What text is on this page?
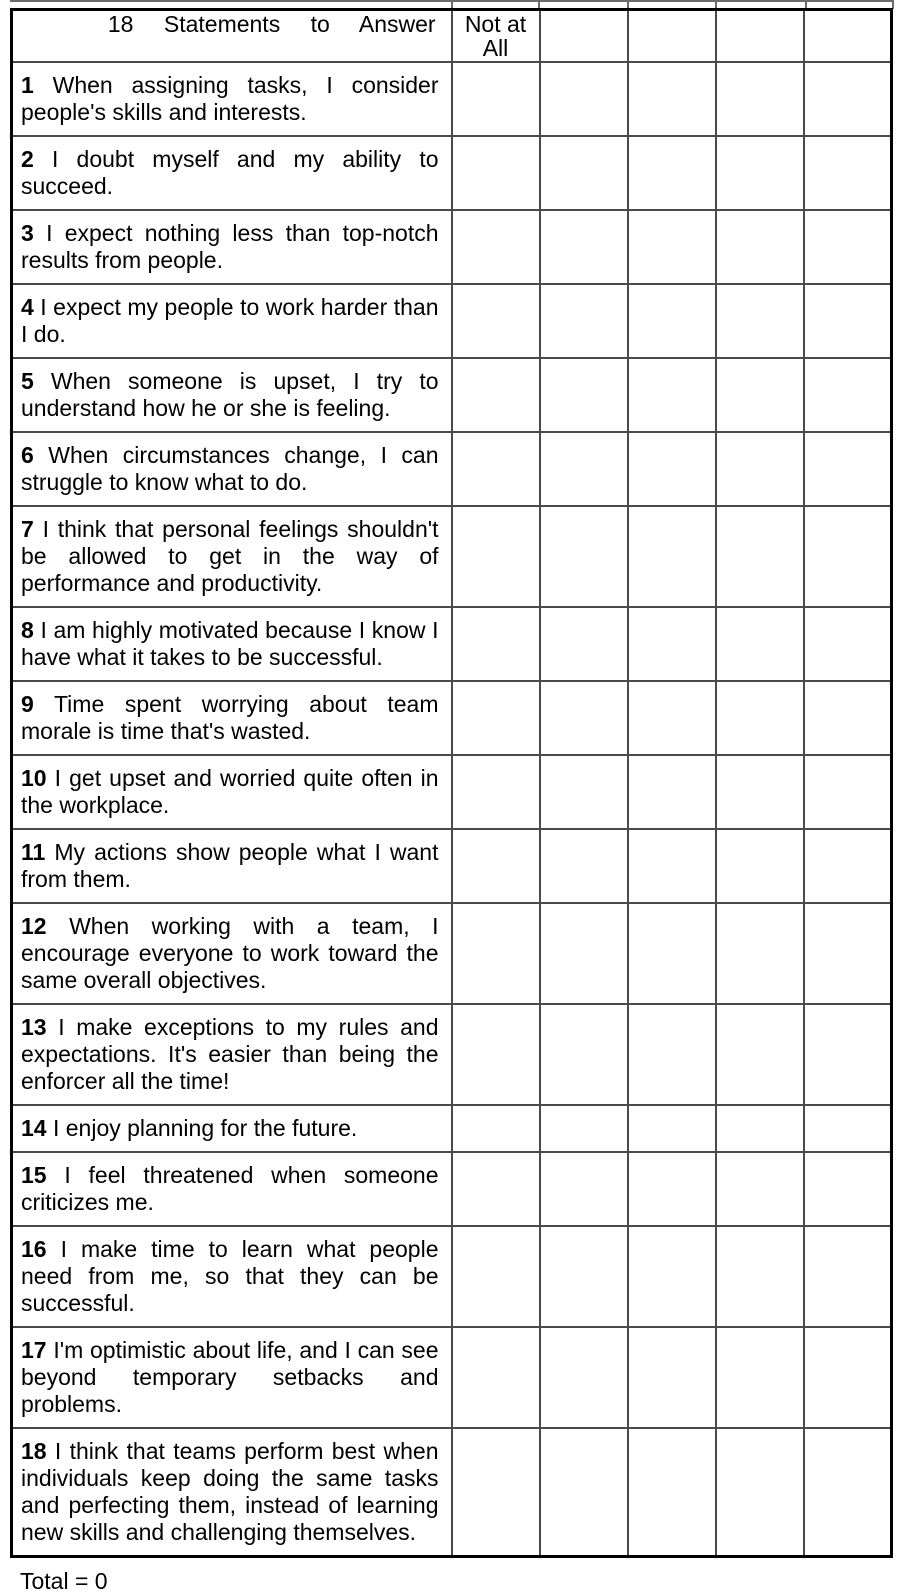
18 Statements to Answer	Not at All				
1 When assigning tasks, I consider people's skills and interests.					
2 I doubt myself and my ability to succeed.					
3 I expect nothing less than top-notch results from people.					
4 I expect my people to work harder than I do.					
5 When someone is upset, I try to understand how he or she is feeling.					
6 When circumstances change, I can struggle to know what to do.					
7 I think that personal feelings shouldn't be allowed to get in the way of performance and productivity.					
8 I am highly motivated because I know I have what it takes to be successful.					
9 Time spent worrying about team morale is time that's wasted.					
10 I get upset and worried quite often in the workplace.					
11 My actions show people what I want from them.					
12 When working with a team, I encourage everyone to work toward the same overall objectives.					
13 I make exceptions to my rules and expectations. It's easier than being the enforcer all the time!					
14 I enjoy planning for the future.					
15 I feel threatened when someone criticizes me.					
16 I make time to learn what people need from me, so that they can be successful.					
17 I'm optimistic about life, and I can see beyond temporary setbacks and problems.					
18 I think that teams perform best when individuals keep doing the same tasks and perfecting them, instead of learning new skills and challenging themselves.					

Total = 0
